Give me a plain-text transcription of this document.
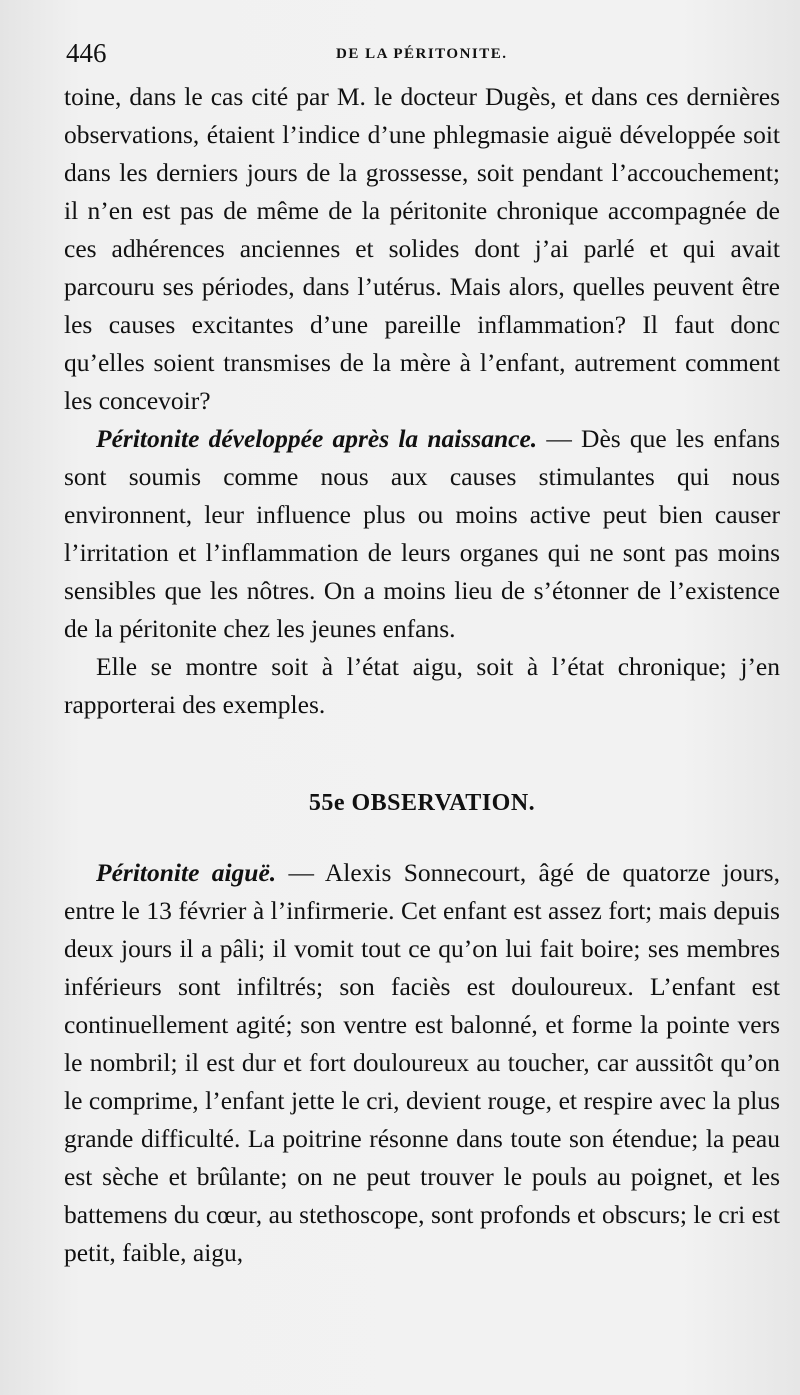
446	DE LA PÉRITONITE.

toine, dans le cas cité par M. le docteur Dugès, et dans ces dernières observations, étaient l’indice d’une phlegmasie aiguë développée soit dans les derniers jours de la grossesse, soit pendant l’accouchement; il n’en est pas de même de la péritonite chronique accompagnée de ces adhérences anciennes et solides dont j’ai parlé et qui avait parcouru ses périodes, dans l’utérus. Mais alors, quelles peuvent être les causes excitantes d’une pareille inflammation? Il faut donc qu’elles soient transmises de la mère à l’enfant, autrement comment les concevoir?

Péritonite développée après la naissance. — Dès que les enfans sont soumis comme nous aux causes stimulantes qui nous environnent, leur influence plus ou moins active peut bien causer l’irritation et l’inflammation de leurs organes qui ne sont pas moins sensibles que les nôtres. On a moins lieu de s’étonner de l’existence de la péritonite chez les jeunes enfans.

Elle se montre soit à l’état aigu, soit à l’état chronique; j’en rapporterai des exemples.

55e OBSERVATION.

Péritonite aiguë. — Alexis Sonnecourt, âgé de quatorze jours, entre le 13 février à l’infirmerie. Cet enfant est assez fort; mais depuis deux jours il a pâli; il vomit tout ce qu’on lui fait boire; ses membres inférieurs sont infiltrés; son faciès est douloureux. L’enfant est continuellement agité; son ventre est balonné, et forme la pointe vers le nombril; il est dur et fort douloureux au toucher, car aussitôt qu’on le comprime, l’enfant jette le cri, devient rouge, et respire avec la plus grande difficulté. La poitrine résonne dans toute son étendue; la peau est sèche et brûlante; on ne peut trouver le pouls au poignet, et les battemens du cœur, au stethoscope, sont profonds et obscurs; le cri est petit, faible, aigu,
